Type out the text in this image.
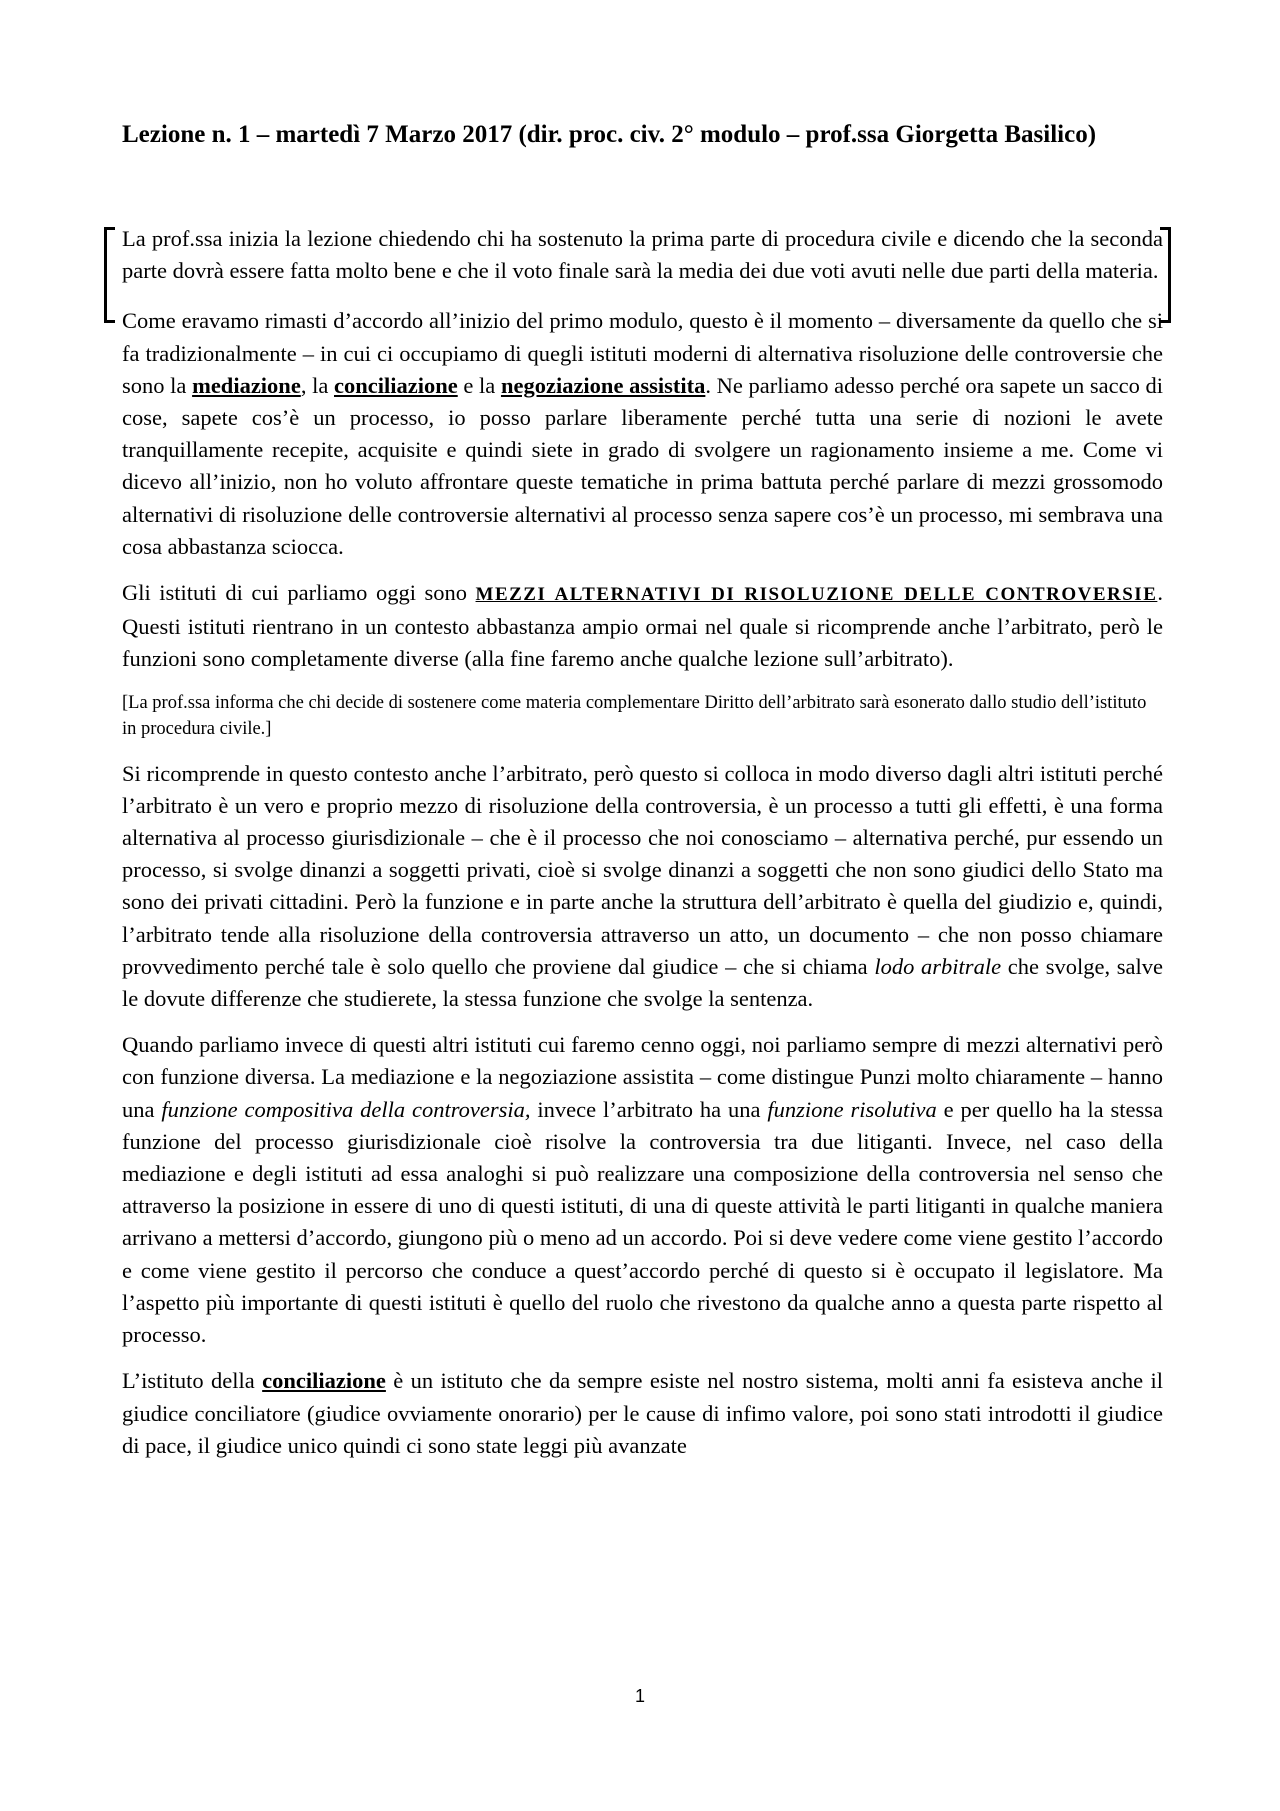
Lezione n. 1 – martedì 7 Marzo 2017 (dir. proc. civ. 2° modulo – prof.ssa Giorgetta Basilico)

La prof.ssa inizia la lezione chiedendo chi ha sostenuto la prima parte di procedura civile e dicendo che la seconda parte dovrà essere fatta molto bene e che il voto finale sarà la media dei due voti avuti nelle due parti della materia.

Come eravamo rimasti d’accordo all’inizio del primo modulo, questo è il momento – diversamente da quello che si fa tradizionalmente – in cui ci occupiamo di quegli istituti moderni di alternativa risoluzione delle controversie che sono la mediazione, la conciliazione e la negoziazione assistita. Ne parliamo adesso perché ora sapete un sacco di cose, sapete cos’è un processo, io posso parlare liberamente perché tutta una serie di nozioni le avete tranquillamente recepite, acquisite e quindi siete in grado di svolgere un ragionamento insieme a me. Come vi dicevo all’inizio, non ho voluto affrontare queste tematiche in prima battuta perché parlare di mezzi grossomodo alternativi di risoluzione delle controversie alternativi al processo senza sapere cos’è un processo, mi sembrava una cosa abbastanza sciocca.

Gli istituti di cui parliamo oggi sono MEZZI ALTERNATIVI DI RISOLUZIONE DELLE CONTROVERSIE. Questi istituti rientrano in un contesto abbastanza ampio ormai nel quale si ricomprende anche l’arbitrato, però le funzioni sono completamente diverse (alla fine faremo anche qualche lezione sull’arbitrato).

[La prof.ssa informa che chi decide di sostenere come materia complementare Diritto dell’arbitrato sarà esonerato dallo studio dell’istituto in procedura civile.]

Si ricomprende in questo contesto anche l’arbitrato, però questo si colloca in modo diverso dagli altri istituti perché l’arbitrato è un vero e proprio mezzo di risoluzione della controversia, è un processo a tutti gli effetti, è una forma alternativa al processo giurisdizionale – che è il processo che noi conosciamo – alternativa perché, pur essendo un processo, si svolge dinanzi a soggetti privati, cioè si svolge dinanzi a soggetti che non sono giudici dello Stato ma sono dei privati cittadini. Però la funzione e in parte anche la struttura dell’arbitrato è quella del giudizio e, quindi, l’arbitrato tende alla risoluzione della controversia attraverso un atto, un documento – che non posso chiamare provvedimento perché tale è solo quello che proviene dal giudice – che si chiama lodo arbitrale che svolge, salve le dovute differenze che studierete, la stessa funzione che svolge la sentenza.

Quando parliamo invece di questi altri istituti cui faremo cenno oggi, noi parliamo sempre di mezzi alternativi però con funzione diversa. La mediazione e la negoziazione assistita – come distingue Punzi molto chiaramente – hanno una funzione compositiva della controversia, invece l’arbitrato ha una funzione risolutiva e per quello ha la stessa funzione del processo giurisdizionale cioè risolve la controversia tra due litiganti. Invece, nel caso della mediazione e degli istituti ad essa analoghi si può realizzare una composizione della controversia nel senso che attraverso la posizione in essere di uno di questi istituti, di una di queste attività le parti litiganti in qualche maniera arrivano a mettersi d’accordo, giungono più o meno ad un accordo. Poi si deve vedere come viene gestito l’accordo e come viene gestito il percorso che conduce a quest’accordo perché di questo si è occupato il legislatore. Ma l’aspetto più importante di questi istituti è quello del ruolo che rivestono da qualche anno a questa parte rispetto al processo.

L’istituto della conciliazione è un istituto che da sempre esiste nel nostro sistema, molti anni fa esisteva anche il giudice conciliatore (giudice ovviamente onorario) per le cause di infimo valore, poi sono stati introdotti il giudice di pace, il giudice unico quindi ci sono state leggi più avanzate

1
